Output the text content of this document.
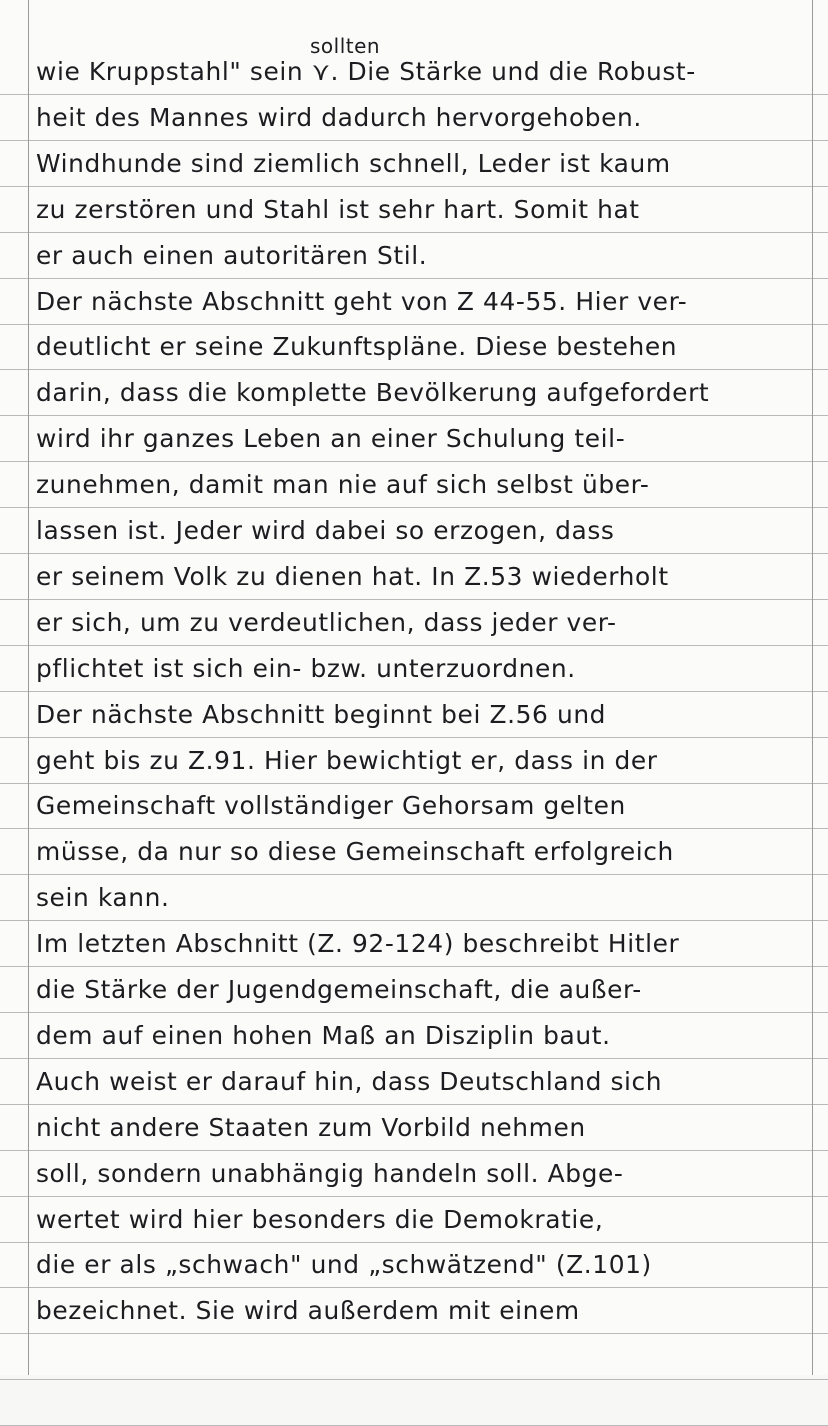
sollten
wie Kruppstahl" sein ⋎. Die Stärke und die Robust-
heit des Mannes wird dadurch hervorgehoben.
Windhunde sind ziemlich schnell, Leder ist kaum
zu zerstören und Stahl ist sehr hart. Somit hat
er auch einen autoritären Stil.
Der nächste Abschnitt geht von Z 44-55. Hier ver-
deutlicht er seine Zukunftspläne. Diese bestehen
darin, dass die komplette Bevölkerung aufgefordert
wird ihr ganzes Leben an einer Schulung teil-
zunehmen, damit man nie auf sich selbst über-
lassen ist. Jeder wird dabei so erzogen, dass
er seinem Volk zu dienen hat. In Z.53 wiederholt
er sich, um zu verdeutlichen, dass jeder ver-
pflichtet ist sich ein- bzw. unterzuordnen.
Der nächste Abschnitt beginnt bei Z.56 und
geht bis zu Z.91. Hier bewichtigt er, dass in der
Gemeinschaft vollständiger Gehorsam gelten
müsse, da nur so diese Gemeinschaft erfolgreich
sein kann.
Im letzten Abschnitt (Z. 92-124) beschreibt Hitler
die Stärke der Jugendgemeinschaft, die außer-
dem auf einen hohen Maß an Disziplin baut.
Auch weist er darauf hin, dass Deutschland sich
nicht andere Staaten zum Vorbild nehmen
soll, sondern unabhängig handeln soll. Abge-
wertet wird hier besonders die Demokratie,
die er als „schwach" und „schwätzend" (Z.101)
bezeichnet. Sie wird außerdem mit einem
